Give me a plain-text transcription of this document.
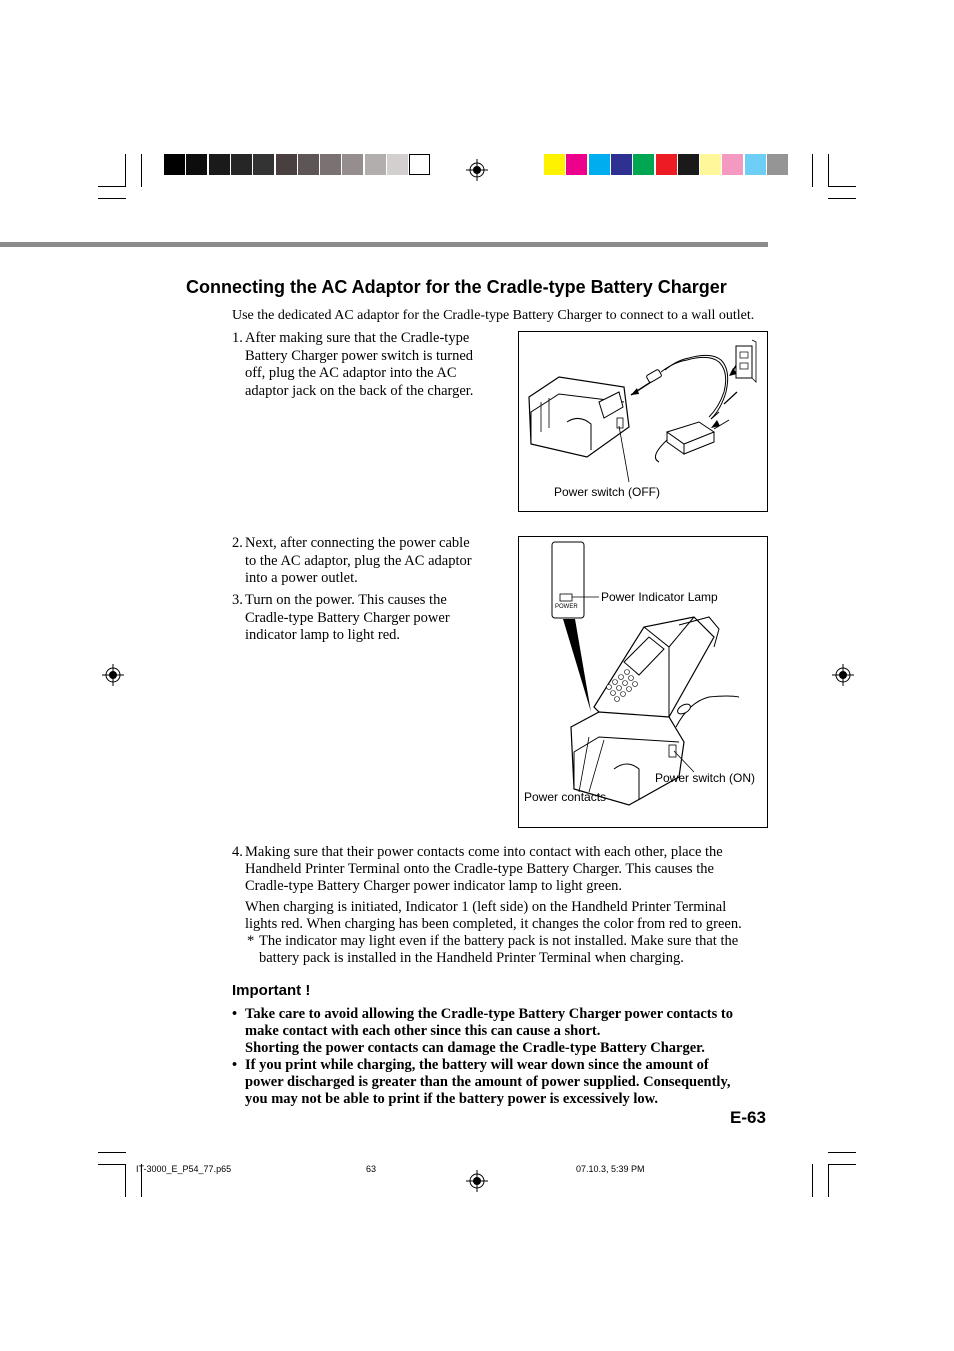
Connecting the AC Adaptor for the Cradle-type Battery Charger
Use the dedicated AC adaptor for the Cradle-type Battery Charger to connect to a wall outlet.
1. After making sure that the Cradle-type
Battery Charger power switch is turned
off, plug the AC adaptor into the AC
adaptor jack on the back of the charger.
Power switch (OFF)
2. Next, after connecting the power cable
to the AC adaptor, plug the AC adaptor
into a power outlet.
3. Turn on the power. This causes the
Cradle-type Battery Charger power
indicator lamp to light red.
POWER
Power Indicator Lamp
Power switch (ON)
Power contacts
4. Making sure that their power contacts come into contact with each other, place the
Handheld Printer Terminal onto the Cradle-type Battery Charger. This causes the
Cradle-type Battery Charger power indicator lamp to light green.
When charging is initiated, Indicator 1 (left side) on the Handheld Printer Terminal
lights red. When charging has been completed, it changes the color from red to green.
* The indicator may light even if the battery pack is not installed. Make sure that the
battery pack is installed in the Handheld Printer Terminal when charging.
Important !
• Take care to avoid allowing the Cradle-type Battery Charger power contacts to
make contact with each other since this can cause a short.
Shorting the power contacts can damage the Cradle-type Battery Charger.
• If you print while charging, the battery will wear down since the amount of
power discharged is greater than the amount of power supplied. Consequently,
you may not be able to print if the battery power is excessively low.
E-63
IT-3000_E_P54_77.p65	63	07.10.3, 5:39 PM
